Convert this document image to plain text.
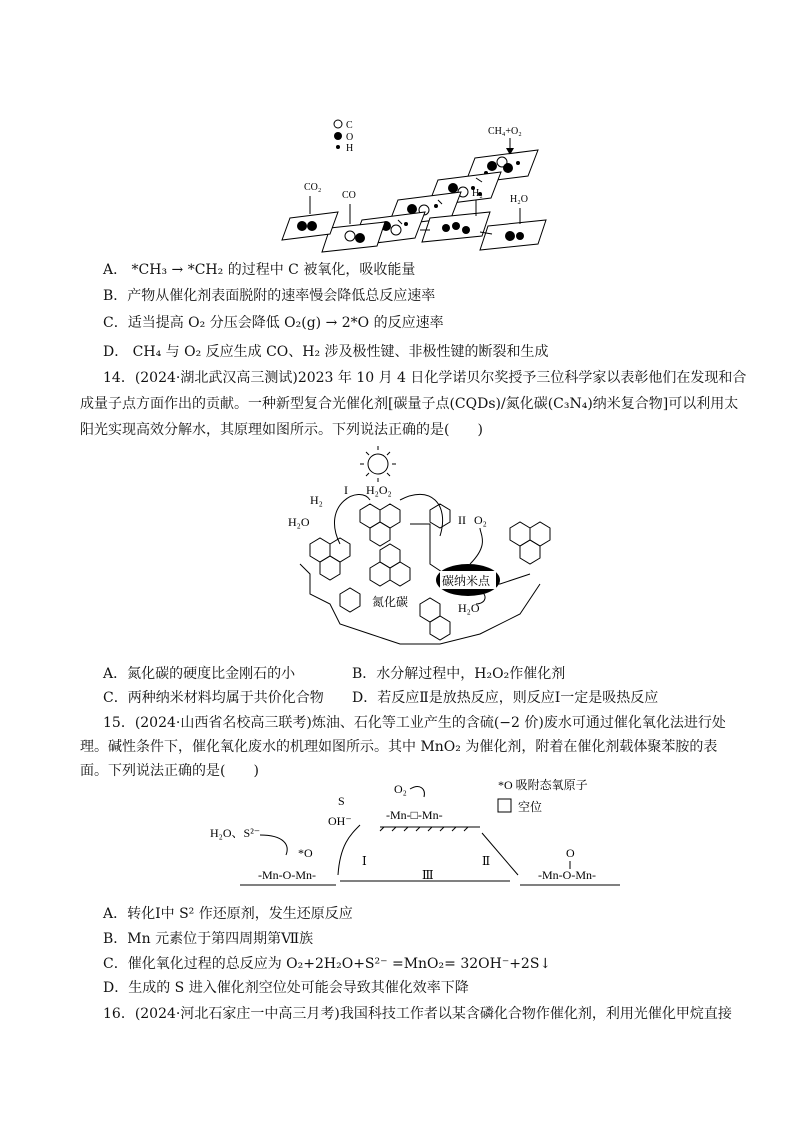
C
O
H
CH₄+O₂
CO₂
CO	H₂
H₂O
A． *CH₃ → *CH₂ 的过程中 C 被氧化，吸收能量
B．产物从催化剂表面脱附的速率慢会降低总反应速率
C．适当提高 O₂ 分压会降低 O₂(g) → 2*O 的反应速率
D． CH₄ 与 O₂ 反应生成 CO、H₂ 涉及极性键、非极性键的断裂和生成
14．(2024·湖北武汉高三测试)2023 年 10 月 4 日化学诺贝尔奖授予三位科学家以表彰他们在发现和合
成量子点方面作出的贡献。一种新型复合光催化剂[碳量子点(CQDs)/氮化碳(C₃N₄)纳米复合物]可以利用太
阳光实现高效分解水，其原理如图所示。下列说法正确的是(　　)
H₂
I H₂O₂
H₂O	II O₂
碳纳米点
氮化碳	H₂O
A．氮化碳的硬度比金刚石的小	B．水分解过程中，H₂O₂作催化剂
C．两种纳米材料均属于共价化合物 D．若反应Ⅱ是放热反应，则反应Ⅰ一定是吸热反应
15．(2024·山西省名校高三联考)炼油、石化等工业产生的含硫(−2 价)废水可通过催化氧化法进行处
理。碱性条件下，催化氧化废水的机理如图所示。其中 MnO₂ 为催化剂，附着在催化剂载体聚苯胺的表
面。下列说法正确的是(　　)
O₂	*O 吸附态氧原子
空位
-Mn-□-Mn-
S
OH⁻
H₂O、S²⁻
*O
Ⅰ	Ⅱ
Ⅲ
-Mn-O-Mn-
O
-Mn-O-Mn-
A．转化Ⅰ中 S² 作还原剂，发生还原反应
B．Mn 元素位于第四周期第Ⅶ族
C．催化氧化过程的总反应为 O₂+2H₂O+S²⁻ =MnO₂= 32OH⁻+2S↓
D．生成的 S 进入催化剂空位处可能会导致其催化效率下降
16．(2024·河北石家庄一中高三月考)我国科技工作者以某含磷化合物作催化剂，利用光催化甲烷直接
